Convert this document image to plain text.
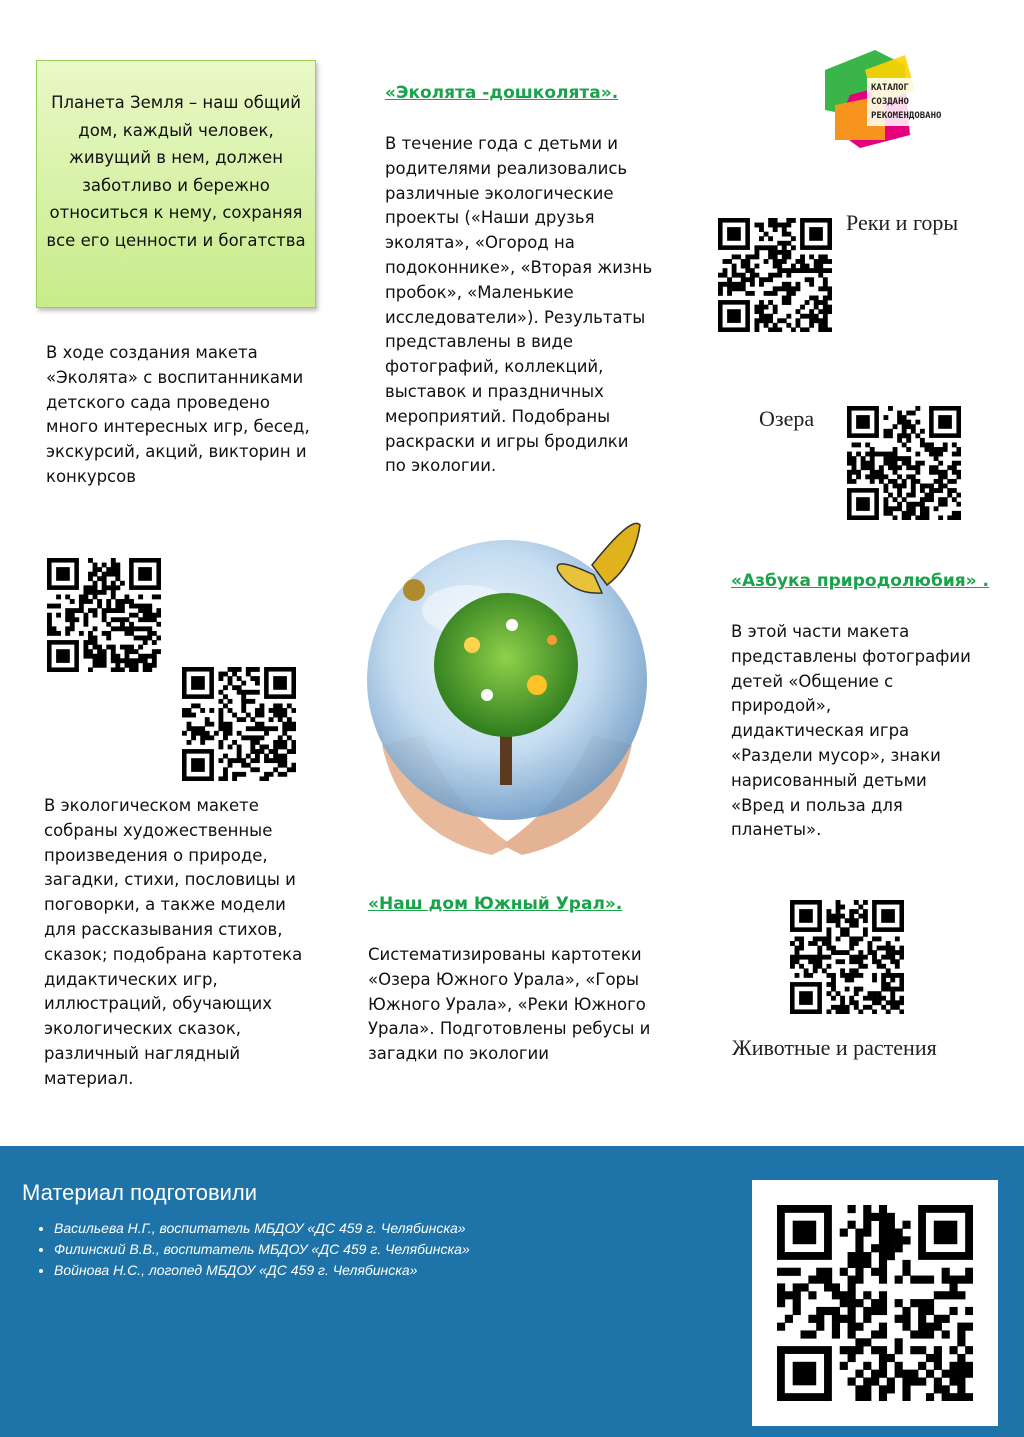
Планета Земля – наш общий дом, каждый человек, живущий в нем, должен заботливо и бережно относиться к нему, сохраняя все его ценности и богатства
В ходе создания макета
«Эколята» с воспитанниками
детского сада проведено
много интересных игр, бесед,
экскурсий, акций, викторин и
конкурсов
В экологическом макете
собраны художественные
произведения о природе,
загадки, стихи, пословицы и
поговорки, а также модели
для рассказывания стихов,
сказок; подобрана картотека
дидактических игр,
иллюстраций, обучающих
экологических сказок,
различный наглядный
материал.
«Эколята -дошколята».
В течение года с детьми и
родителями реализовались
различные экологические
проекты («Наши друзья
эколята», «Огород на
подоконнике», «Вторая жизнь
пробок», «Маленькие
исследователи»). Результаты
представлены в виде
фотографий, коллекций,
выставок и праздничных
мероприятий. Подобраны
раскраски и игры бродилки
по экологии.
«Наш дом Южный Урал».
Систематизированы картотеки
«Озера Южного Урала», «Горы
Южного Урала», «Реки Южного
Урала». Подготовлены ребусы и
загадки по экологии
КАТАЛОГ
СОЗДАНО
РЕКОМЕНДОВАНО
Реки и горы
Озера
«Азбука природолюбия» .
В этой части макета
представлены фотографии
детей «Общение с
природой»,
дидактическая игра
«Раздели мусор», знаки
нарисованный детьми
«Вред и польза для
планеты».
Животные и растения
Материал подготовили
• Васильева Н.Г., воспитатель МБДОУ «ДС 459 г. Челябинска»
• Филинский В.В., воспитатель МБДОУ «ДС 459 г. Челябинска»
• Войнова Н.С., логопед МБДОУ «ДС 459 г. Челябинска»
